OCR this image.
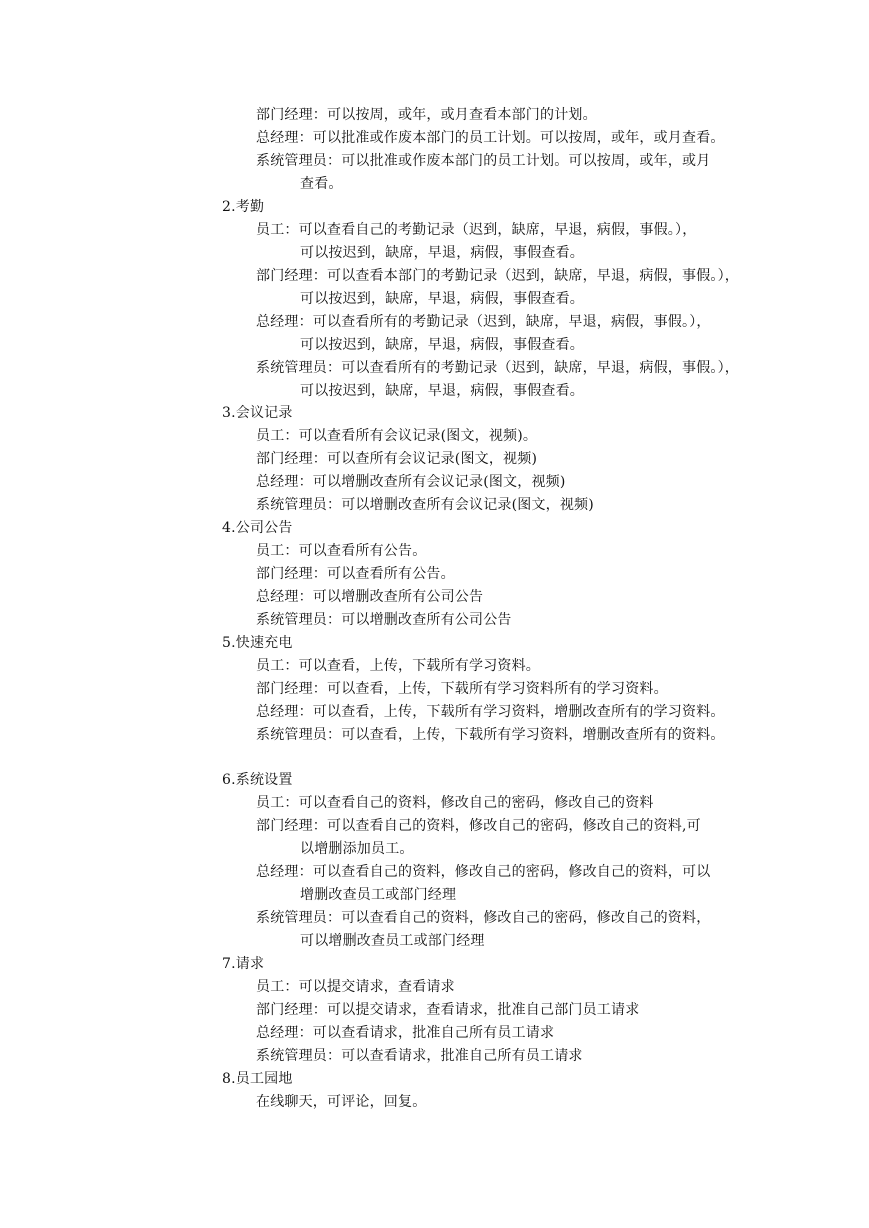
部门经理：可以按周，或年，或月查看本部门的计划。
总经理：可以批准或作废本部门的员工计划。可以按周，或年，或月查看。
系统管理员：可以批准或作废本部门的员工计划。可以按周，或年，或月
查看。
2.考勤
员工：可以查看自己的考勤记录（迟到，缺席，早退，病假，事假。），
可以按迟到，缺席，早退，病假，事假查看。
部门经理：可以查看本部门的考勤记录（迟到，缺席，早退，病假，事假。），
可以按迟到，缺席，早退，病假，事假查看。
总经理：可以查看所有的考勤记录（迟到，缺席，早退，病假，事假。），
可以按迟到，缺席，早退，病假，事假查看。
系统管理员：可以查看所有的考勤记录（迟到，缺席，早退，病假，事假。），
可以按迟到，缺席，早退，病假，事假查看。
3.会议记录
员工：可以查看所有会议记录(图文，视频)。
部门经理：可以查所有会议记录(图文，视频)
总经理：可以增删改查所有会议记录(图文，视频)
系统管理员：可以增删改查所有会议记录(图文，视频)
4.公司公告
员工：可以查看所有公告。
部门经理：可以查看所有公告。
总经理：可以增删改查所有公司公告
系统管理员：可以增删改查所有公司公告
5.快速充电
员工：可以查看，上传，下载所有学习资料。
部门经理：可以查看，上传，下载所有学习资料所有的学习资料。
总经理：可以查看，上传，下载所有学习资料，增删改查所有的学习资料。
系统管理员：可以查看，上传，下载所有学习资料，增删改查所有的资料。
6.系统设置
员工：可以查看自己的资料，修改自己的密码，修改自己的资料
部门经理：可以查看自己的资料，修改自己的密码，修改自己的资料,可
以增删添加员工。
总经理：可以查看自己的资料，修改自己的密码，修改自己的资料，可以
增删改查员工或部门经理
系统管理员：可以查看自己的资料，修改自己的密码，修改自己的资料，
可以增删改查员工或部门经理
7.请求
员工：可以提交请求，查看请求
部门经理：可以提交请求，查看请求，批准自己部门员工请求
总经理：可以查看请求，批准自己所有员工请求
系统管理员：可以查看请求，批准自己所有员工请求
8.员工园地
在线聊天，可评论，回复。
